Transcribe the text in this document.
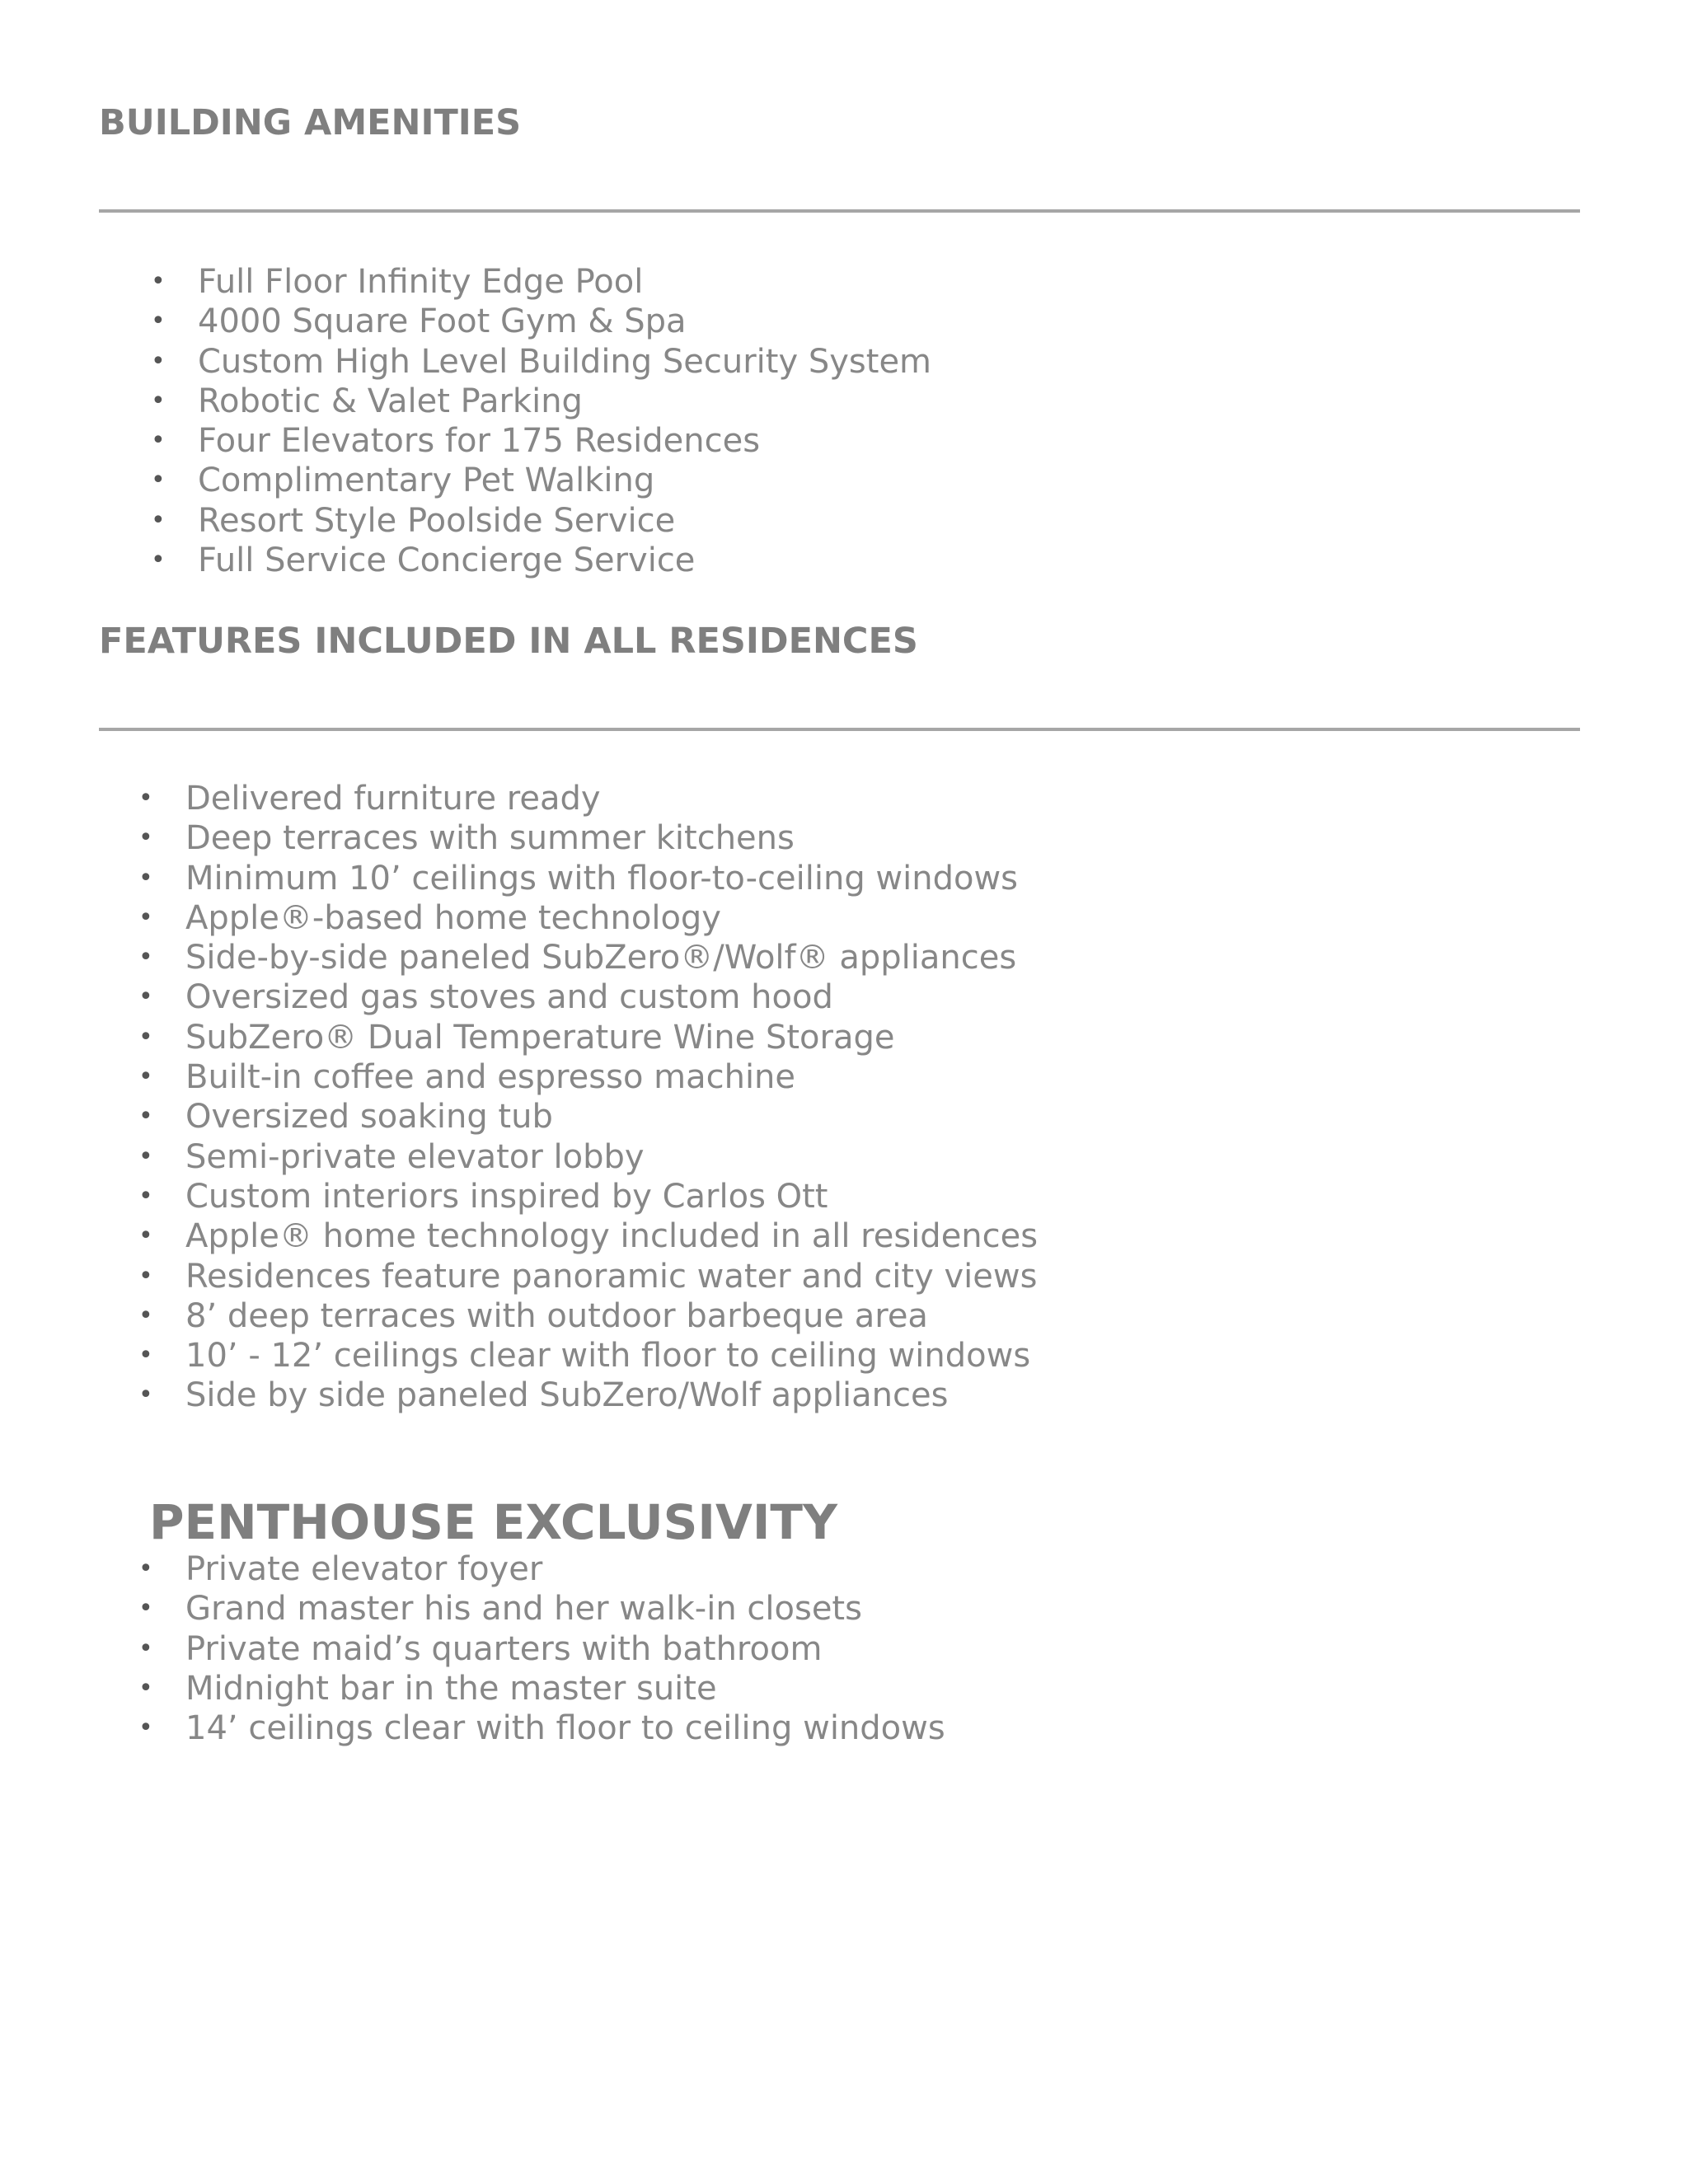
BUILDING AMENITIES
• Full Floor Infinity Edge Pool
• 4000 Square Foot Gym & Spa
• Custom High Level Building Security System
• Robotic & Valet Parking
• Four Elevators for 175 Residences
• Complimentary Pet Walking
• Resort Style Poolside Service
• Full Service Concierge Service
FEATURES INCLUDED IN ALL RESIDENCES
• Delivered furniture ready
• Deep terraces with summer kitchens
• Minimum 10’ ceilings with floor-to-ceiling windows
• Apple®-based home technology
• Side-by-side paneled SubZero®/Wolf® appliances
• Oversized gas stoves and custom hood
• SubZero® Dual Temperature Wine Storage
• Built-in coffee and espresso machine
• Oversized soaking tub
• Semi-private elevator lobby
• Custom interiors inspired by Carlos Ott
• Apple® home technology included in all residences
• Residences feature panoramic water and city views
• 8’ deep terraces with outdoor barbeque area
• 10’ - 12’ ceilings clear with floor to ceiling windows
• Side by side paneled SubZero/Wolf appliances
PENTHOUSE EXCLUSIVITY
• Private elevator foyer
• Grand master his and her walk-in closets
• Private maid’s quarters with bathroom
• Midnight bar in the master suite
• 14’ ceilings clear with floor to ceiling windows
